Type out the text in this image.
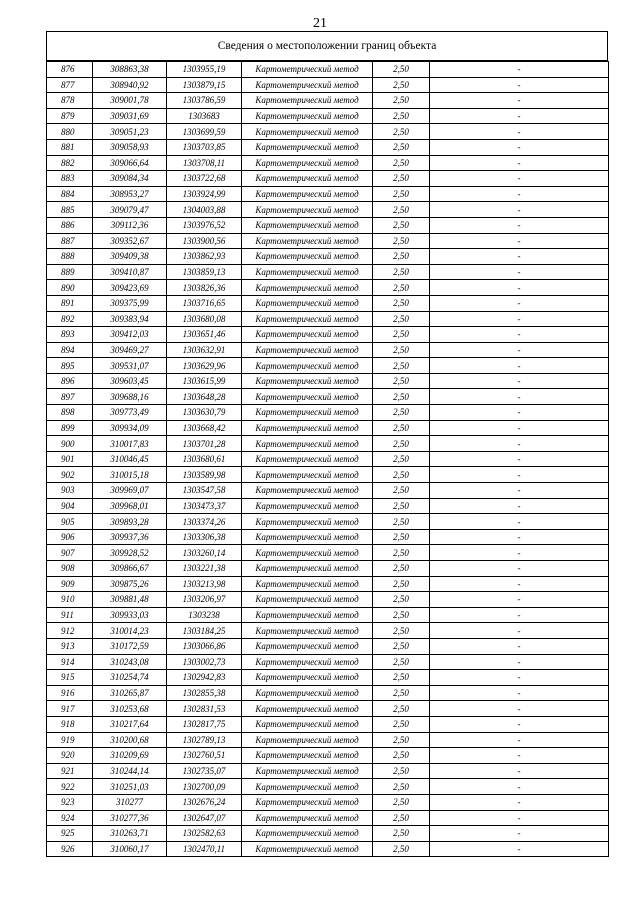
21
Сведения о местоположении границ объекта
876	308863,38	1303955,19	Картометрический метод	2,50	-
877	308940,92	1303879,15	Картометрический метод	2,50	-
878	309001,78	1303786,59	Картометрический метод	2,50	-
879	309031,69	1303683	Картометрический метод	2,50	-
880	309051,23	1303699,59	Картометрический метод	2,50	-
881	309058,93	1303703,85	Картометрический метод	2,50	-
882	309066,64	1303708,11	Картометрический метод	2,50	-
883	309084,34	1303722,68	Картометрический метод	2,50	-
884	308953,27	1303924,99	Картометрический метод	2,50	-
885	309079,47	1304003,88	Картометрический метод	2,50	-
886	309112,36	1303976,52	Картометрический метод	2,50	-
887	309352,67	1303900,56	Картометрический метод	2,50	-
888	309409,38	1303862,93	Картометрический метод	2,50	-
889	309410,87	1303859,13	Картометрический метод	2,50	-
890	309423,69	1303826,36	Картометрический метод	2,50	-
891	309375,99	1303716,65	Картометрический метод	2,50	-
892	309383,94	1303680,08	Картометрический метод	2,50	-
893	309412,03	1303651,46	Картометрический метод	2,50	-
894	309469,27	1303632,91	Картометрический метод	2,50	-
895	309531,07	1303629,96	Картометрический метод	2,50	-
896	309603,45	1303615,99	Картометрический метод	2,50	-
897	309688,16	1303648,28	Картометрический метод	2,50	-
898	309773,49	1303630,79	Картометрический метод	2,50	-
899	309934,09	1303668,42	Картометрический метод	2,50	-
900	310017,83	1303701,28	Картометрический метод	2,50	-
901	310046,45	1303680,61	Картометрический метод	2,50	-
902	310015,18	1303589,98	Картометрический метод	2,50	-
903	309969,07	1303547,58	Картометрический метод	2,50	-
904	309968,01	1303473,37	Картометрический метод	2,50	-
905	309893,28	1303374,26	Картометрический метод	2,50	-
906	309937,36	1303306,38	Картометрический метод	2,50	-
907	309928,52	1303260,14	Картометрический метод	2,50	-
908	309866,67	1303221,38	Картометрический метод	2,50	-
909	309875,26	1303213,98	Картометрический метод	2,50	-
910	309881,48	1303206,97	Картометрический метод	2,50	-
911	309933,03	1303238	Картометрический метод	2,50	-
912	310014,23	1303184,25	Картометрический метод	2,50	-
913	310172,59	1303066,86	Картометрический метод	2,50	-
914	310243,08	1303002,73	Картометрический метод	2,50	-
915	310254,74	1302942,83	Картометрический метод	2,50	-
916	310265,87	1302855,38	Картометрический метод	2,50	-
917	310253,68	1302831,53	Картометрический метод	2,50	-
918	310217,64	1302817,75	Картометрический метод	2,50	-
919	310200,68	1302789,13	Картометрический метод	2,50	-
920	310209,69	1302760,51	Картометрический метод	2,50	-
921	310244,14	1302735,07	Картометрический метод	2,50	-
922	310251,03	1302700,09	Картометрический метод	2,50	-
923	310277	1302676,24	Картометрический метод	2,50	-
924	310277,36	1302647,07	Картометрический метод	2,50	-
925	310263,71	1302582,63	Картометрический метод	2,50	-
926	310060,17	1302470,11	Картометрический метод	2,50	-
